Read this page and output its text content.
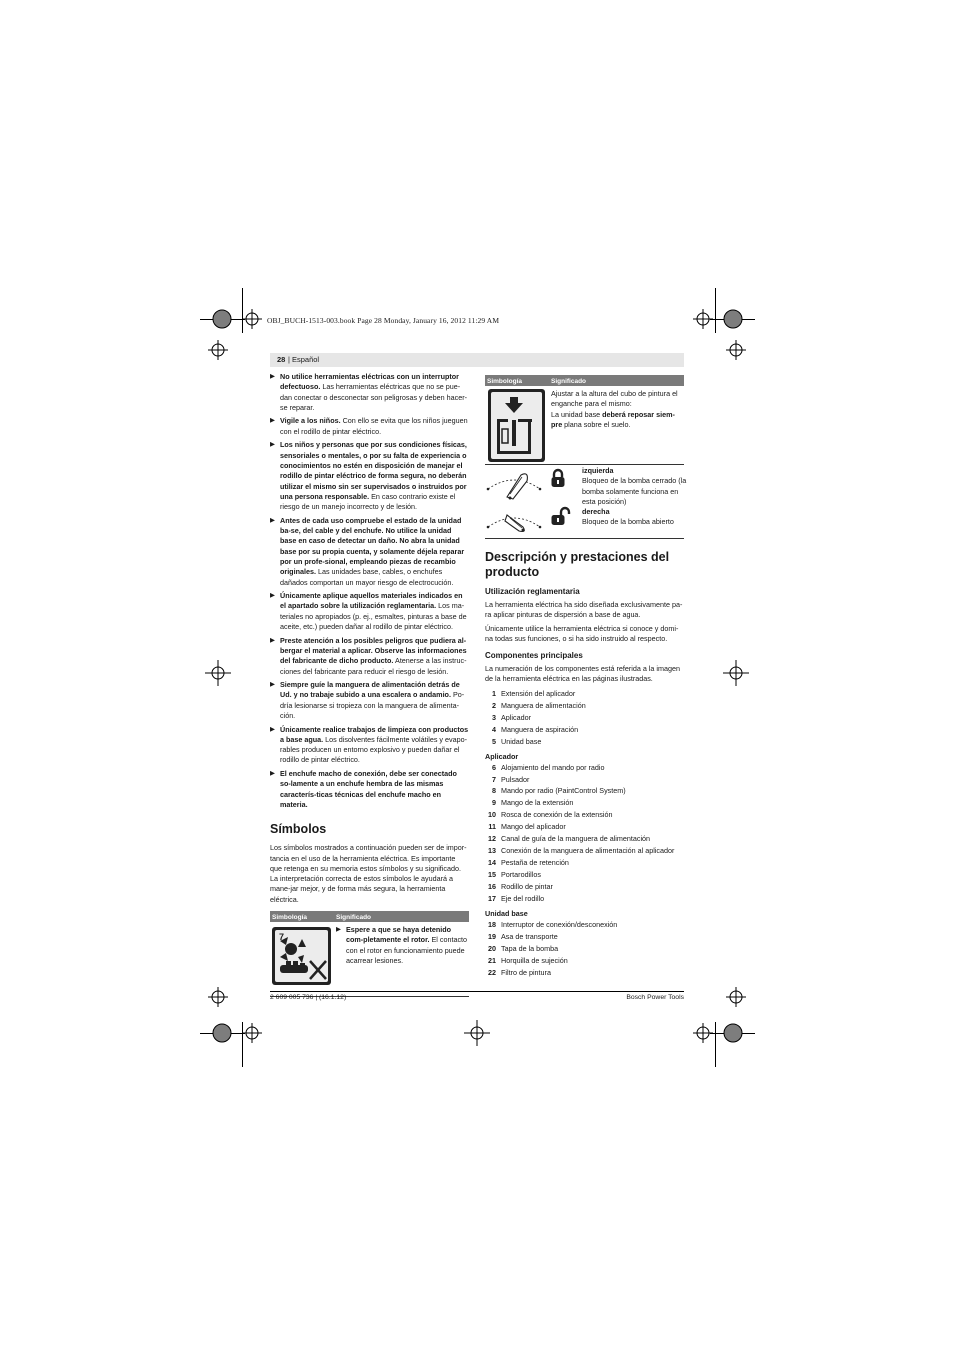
OBJ_BUCH-1513-003.book Page 28 Monday, January 16, 2012 11:29 AM
28 | Español
▶ No utilice herramientas eléctricas con un interruptor defectuoso. Las herramientas eléctricas que no se pue-dan conectar o desconectar son peligrosas y deben hacer-se reparar.
▶ Vigile a los niños. Con ello se evita que los niños jueguen con el rodillo de pintar eléctrico.
▶ Los niños y personas que por sus condiciones físicas, sensoriales o mentales, o por su falta de experiencia o conocimientos no estén en disposición de manejar el rodillo de pintar eléctrico de forma segura, no deberán utilizar el mismo sin ser supervisados o instruidos por una persona responsable. En caso contrario existe el riesgo de un manejo incorrecto y de lesión.
▶ Antes de cada uso compruebe el estado de la unidad ba-se, del cable y del enchufe. No utilice la unidad base en caso de detectar un daño. No abra la unidad base por su propia cuenta, y solamente déjela reparar por un profe-sional, empleando piezas de recambio originales. Las unidades base, cables, o enchufes dañados comportan un mayor riesgo de electrocución.
▶ Únicamente aplique aquellos materiales indicados en el apartado sobre la utilización reglamentaria. Los ma-teriales no apropiados (p. ej., esmaltes, pinturas a base de aceite, etc.) pueden dañar al rodillo de pintar eléctrico.
▶ Preste atención a los posibles peligros que pudiera al-bergar el material a aplicar. Observe las informaciones del fabricante de dicho producto. Atenerse a las instruc-ciones del fabricante para reducir el riesgo de lesión.
▶ Siempre guíe la manguera de alimentación detrás de Ud. y no trabaje subido a una escalera o andamio. Po-dría lesionarse si tropieza con la manguera de alimenta-ción.
▶ Únicamente realice trabajos de limpieza con productos a base agua. Los disolventes fácilmente volátiles y evapo-rables producen un entorno explosivo y pueden dañar el rodillo de pintar eléctrico.
▶ El enchufe macho de conexión, debe ser conectado so-lamente a un enchufe hembra de las mismas caracterís-ticas técnicas del enchufe macho en materia.
Símbolos

Los símbolos mostrados a continuación pueden ser de impor-tancia en el uso de la herramienta eléctrica. Es importante que retenga en su memoria estos símbolos y su significado. La interpretación correcta de estos símbolos le ayudará a mane-jar mejor, y de forma más segura, la herramienta eléctrica.

Simbología	Significado
7
▶ Espere a que se haya detenido com-pletamente el rotor. El contacto con el rotor en funcionamiento puede acarrear lesiones.
Simbología	Significado
Ajustar a la altura del cubo de pintura el enganche para el mismo:
La unidad base deberá reposar siem-pre plana sobre el suelo.
izquierda
Bloqueo de la bomba cerrado (la bomba solamente funciona en esta posición)
derecha
Bloqueo de la bomba abierto
Descripción y prestaciones del producto
Utilización reglamentaria

La herramienta eléctrica ha sido diseñada exclusivamente pa-ra aplicar pinturas de dispersión a base de agua.

Únicamente utilice la herramienta eléctrica si conoce y domi-na todas sus funciones, o si ha sido instruido al respecto.

Componentes principales

La numeración de los componentes está referida a la imagen de la herramienta eléctrica en las páginas ilustradas.

1 Extensión del aplicador
2 Manguera de alimentación
3 Aplicador
4 Manguera de aspiración
5 Unidad base
Aplicador
6 Alojamiento del mando por radio
7 Pulsador
8 Mando por radio (PaintControl System)
9 Mango de la extensión
10 Rosca de conexión de la extensión
11 Mango del aplicador
12 Canal de guía de la manguera de alimentación
13 Conexión de la manguera de alimentación al aplicador
14 Pestaña de retención
15 Portarodillos
16 Rodillo de pintar
17 Eje del rodillo
Unidad base
18 Interruptor de conexión/desconexión
19 Asa de transporte
20 Tapa de la bomba
21 Horquilla de sujeción
22 Filtro de pintura
2 609 005 736 | (16.1.12)	Bosch Power Tools
